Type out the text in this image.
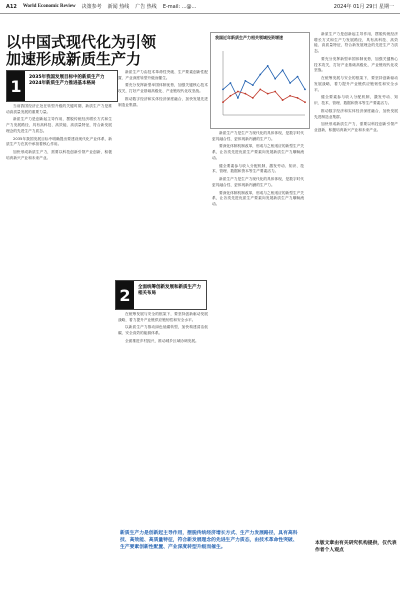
A12 World Economic Review 决策参考 新闻 热线 广告 热线 E-mail: ...@...	2024年 01月 29日 星期一
以中国式现代化为引领
加速形成新质生产力
1	2035年我国发展目标中的新质生产力2024年新质生产力推进基本格局
2	全面统筹创新发展和新质生产力相关布局

当前我国经济正处在转型升级的关键时期，新质生产力是推动高质量发展的重要力量。

新质生产力是创新起主导作用，摆脱传统经济增长方式和生产力发展路径，具有高科技、高效能、高质量特征，符合新发展理念的先进生产力质态。

2035年我国发展目标中明确提出要建设现代化产业体系，新质生产力在其中承担着核心作用。

加快形成新质生产力，需要以科技创新引领产业创新，积极培育新兴产业和未来产业。

新质生产力由技术革命性突破、生产要素创新性配置、产业深度转型升级而催生。

要充分发挥新型举国体制优势，加强关键核心技术攻关，打好产业基础高级化、产业链现代化攻坚战。

推动数字经济和实体经济深度融合，加快发展先进制造业集群。

在统筹发展与安全的框架下，要坚持创新驱动发展战略，着力提升产业链供应链韧性和安全水平。

以新质生产力推动绿色低碳转型，加快构建清洁低碳、安全高效的能源体系。

全面推进乡村振兴，推动城乡区域协调发展。

我国近年新质生产力相关领域投资增速

新质生产力是生产力现代化的具体体现，是数字时代更具融合性、更体现新内涵的生产力。

要深化体制机制改革，形成与之相适应的新型生产关系，让各类先进优质生产要素向发展新质生产力顺畅流动。

健全要素参与收入分配机制，激发劳动、知识、技术、管理、数据和资本等生产要素活力。

新质生产力是生产力现代化的具体体现，是数字时代更具融合性、更体现新内涵的生产力。

要深化体制机制改革，形成与之相适应的新型生产关系，让各类先进优质生产要素向发展新质生产力顺畅流动。

新质生产力是创新起主导作用，摆脱传统经济增长方式和生产力发展路径，具有高科技、高效能、高质量特征，符合新发展理念的先进生产力质态。

要充分发挥新型举国体制优势，加强关键核心技术攻关，打好产业基础高级化、产业链现代化攻坚战。

在统筹发展与安全的框架下，要坚持创新驱动发展战略，着力提升产业链供应链韧性和安全水平。

健全要素参与收入分配机制，激发劳动、知识、技术、管理、数据和资本等生产要素活力。

推动数字经济和实体经济深度融合，加快发展先进制造业集群。

加快形成新质生产力，需要以科技创新引领产业创新，积极培育新兴产业和未来产业。

新质生产力是创新起主导作用，摆脱传统经济增长方式、生产力发展路径，具有高科技、高效能、高质量特征，符合新发展理念的先进生产力质态，由技术革命性突破、生产要素创新性配置、产业深度转型升级而催生。
本版文章由有关研究机构提供，仅代表作者个人观点
